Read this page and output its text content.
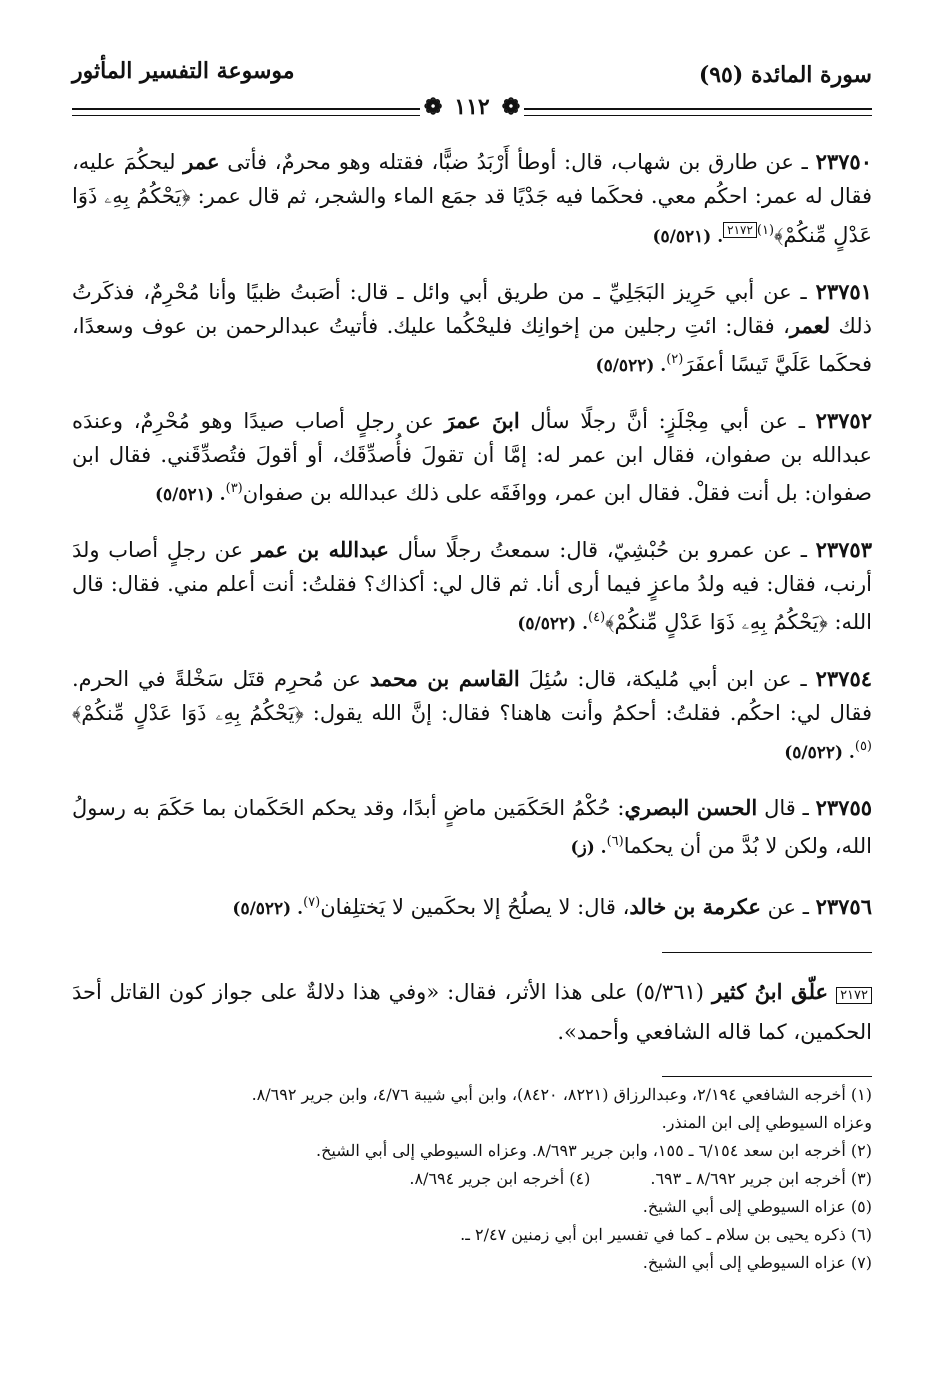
سورة المائدة (٩٥)
موسوعة التفسير المأثور
❁ ١١٢ ❁

٢٣٧٥٠ ـ عن طارق بن شهاب، قال: أوطأ أَرْبَدُ ضبًّا، فقتله وهو محرمٌ، فأتى عمر ليحكُمَ عليه، فقال له عمر: احكُم معي. فحكَما فيه جَدْيًا قد جمَع الماء والشجر، ثم قال عمر: ﴿يَحْكُمُ بِهِۦ ذَوَا عَدْلٍ مِّنكُمْ﴾$^{(١)٢١٧٢}$. (٥/٥٢١)

٢٣٧٥١ ـ عن أبي حَرِيز البَجَلِيِّ ـ من طريق أبي وائل ـ قال: أصَبتُ ظبيًا وأنا مُحْرِمٌ، فذكَرتُ ذلك لعمر، فقال: ائتِ رجلين من إخوانِك فليحْكُما عليك. فأتيتُ عبدالرحمن بن عوف وسعدًا، فحكَما عَلَيَّ تَيسًا أعفَرَ$^{(٢)}$. (٥/٥٢٢)

٢٣٧٥٢ ـ عن أبي مِجْلَزٍ: أنَّ رجلًا سأل ابنَ عمرَ عن رجلٍ أصاب صيدًا وهو مُحْرِمٌ، وعندَه عبدالله بن صفوان، فقال ابن عمر له: إمَّا أن تقولَ فأُصدِّقَك، أو أقولَ فتُصدِّقَني. فقال ابن صفوان: بل أنت فقلْ. فقال ابن عمر، ووافَقَه على ذلك عبدالله بن صفوان$^{(٣)}$. (٥/٥٢١)

٢٣٧٥٣ ـ عن عمرو بن حُبْشِيّ، قال: سمعتُ رجلًا سأل عبدالله بن عمر عن رجلٍ أصاب ولدَ أرنب، فقال: فيه ولدُ ماعزٍ فيما أرى أنا. ثم قال لي: أكذاك؟ فقلتُ: أنت أعلم مني. فقال: قال الله: ﴿يَحْكُمُ بِهِۦ ذَوَا عَدْلٍ مِّنكُمْ﴾$^{(٤)}$. (٥/٥٢٢)

٢٣٧٥٤ ـ عن ابن أبي مُليكة، قال: سُئِلَ القاسم بن محمد عن مُحرِم قتَل سَخْلةً في الحرم. فقال لي: احكُم. فقلتُ: أحكمُ وأنت هاهنا؟ فقال: إنَّ الله يقول: ﴿يَحْكُمُ بِهِۦ ذَوَا عَدْلٍ مِّنكُمْ﴾$^{(٥)}$. (٥/٥٢٢)

٢٣٧٥٥ ـ قال الحسن البصري: حُكْمُ الحَكَمَين ماضٍ أبدًا، وقد يحكم الحَكَمان بما حَكَمَ به رسولُ الله، ولكن لا بُدَّ من أن يحكما$^{(٦)}$. (ز)

٢٣٧٥٦ ـ عن عكرمة بن خالد، قال: لا يصلُحُ إلا بحكَمين لا يَختلِفان$^{(٧)}$. (٥/٥٢٢)

٢١٧٢ علّق ابنُ كثير (٥/٣٦١) على هذا الأثر، فقال: «وفي هذا دلالةٌ على جواز كون القاتل أحدَ الحكمين، كما قاله الشافعي وأحمد».

(١) أخرجه الشافعي ٢/١٩٤، وعبدالرزاق (٨٢٢١، ٨٤٢٠)، وابن أبي شيبة ٤/٧٦، وابن جرير ٨/٦٩٢.
وعزاه السيوطي إلى ابن المنذر.
(٢) أخرجه ابن سعد ٦/١٥٤ ـ ١٥٥، وابن جرير ٨/٦٩٣. وعزاه السيوطي إلى أبي الشيخ.
(٣) أخرجه ابن جرير ٨/٦٩٢ ـ ٦٩٣.
(٤) أخرجه ابن جرير ٨/٦٩٤.
(٥) عزاه السيوطي إلى أبي الشيخ.
(٦) ذكره يحيى بن سلام ـ كما في تفسير ابن أبي زمنين ٢/٤٧ ـ.
(٧) عزاه السيوطي إلى أبي الشيخ.
